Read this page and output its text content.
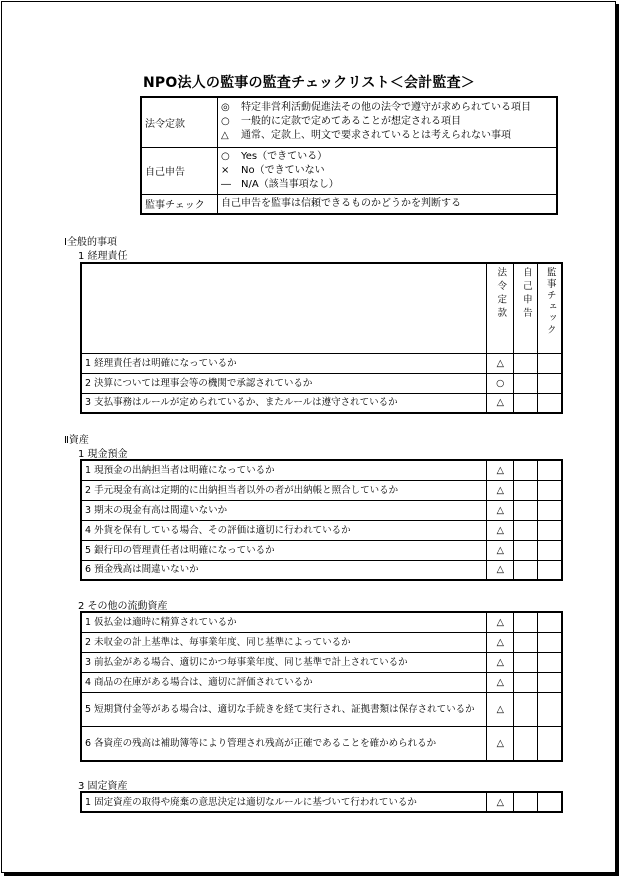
NPO法人の監事の監査チェックリスト＜会計監査＞
法令定款	◎ 特定非営利活動促進法その他の法令で遵守が求められている項目
○ 一般的に定款で定めてあることが想定される項目
△ 通常、定款上、明文で要求されているとは考えられない事項

自己申告	○ Yes（できている）
× No（できていない
― N/A（該当事項なし）

監事チェック	自己申告を監事は信頼できるものかどうかを判断する
Ⅰ全般的事項
1 経理責任
	法令定款	自己申告	監事チェック
1 経理責任者は明確になっているか	△		
2 決算については理事会等の機関で承認されているか	○		
3 支払事務はルールが定められているか、またルールは遵守されているか	△		
Ⅱ資産
1 現金預金
1 現預金の出納担当者は明確になっているか	△		
2 手元現金有高は定期的に出納担当者以外の者が出納帳と照合しているか	△		
3 期末の現金有高は間違いないか	△		
4 外貨を保有している場合、その評価は適切に行われているか	△		
5 銀行印の管理責任者は明確になっているか	△		
6 預金残高は間違いないか	△		
2 その他の流動資産
1 仮払金は適時に精算されているか	△		
2 未収金の計上基準は、毎事業年度、同じ基準によっているか	△		
3 前払金がある場合、適切にかつ毎事業年度、同じ基準で計上されているか	△		
4 商品の在庫がある場合は、適切に評価されているか	△		
5 短期貸付金等がある場合は、適切な手続きを経て実行され、証拠書類は保存されているか	△		
6 各資産の残高は補助簿等により管理され残高が正確であることを確かめられるか	△		
3 固定資産
1 固定資産の取得や廃棄の意思決定は適切なルールに基づいて行われているか	△		
